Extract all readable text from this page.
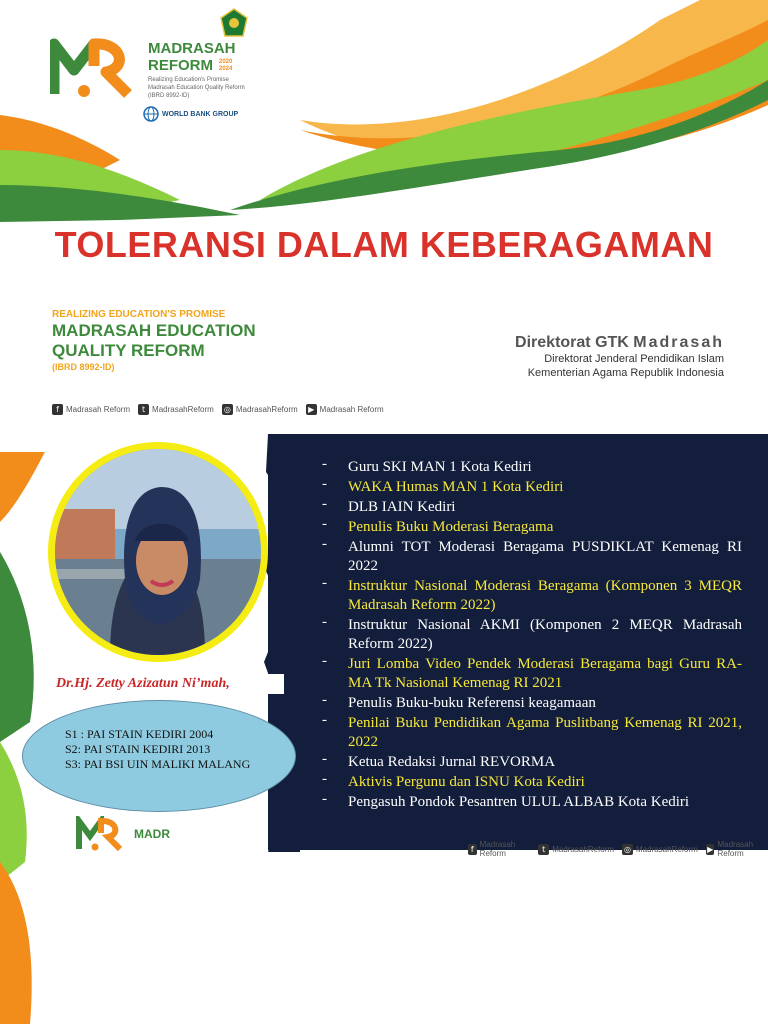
MADRASAH
REFORM 2020 2024
Realizing Education's Promise
Madrasah Education Quality Reform
(IBRD 8992-ID)
WORLD BANK GROUP
TOLERANSI DALAM KEBERAGAMAN
REALIZING EDUCATION'S PROMISE
MADRASAH EDUCATION
QUALITY REFORM
(IBRD 8992-ID)
Direktorat GTK Madrasah
Direktorat Jenderal Pendidikan Islam
Kementerian Agama Republik Indonesia
f Madrasah Reform	t MadrasahReform ◎ MadrasahReform	▶ Madrasah Reform
Dr.Hj. Zetty Azizatun Ni’mah,
S1 : PAI STAIN KEDIRI 2004
S2: PAI STAIN KEDIRI 2013
S3: PAI BSI UIN MALIKI MALANG
MADR
- Guru SKI MAN 1 Kota Kediri
- WAKA Humas MAN 1 Kota Kediri
- DLB IAIN Kediri
- Penulis Buku Moderasi Beragama
- Alumni TOT Moderasi Beragama PUSDIKLAT Kemenag RI 2022
- Instruktur Nasional Moderasi Beragama (Komponen 3 MEQR Madrasah Reform 2022)
- Instruktur Nasional AKMI (Komponen 2 MEQR Madrasah Reform 2022)
- Juri Lomba Video Pendek Moderasi Beragama bagi Guru RA-MA Tk Nasional Kemenag RI 2021
- Penulis Buku-buku Referensi keagamaan
- Penilai Buku Pendidikan Agama Puslitbang Kemenag RI 2021, 2022
- Ketua Redaksi Jurnal REVORMA
- Aktivis Pergunu dan ISNU Kota Kediri
- Pengasuh Pondok Pesantren ULUL ALBAB Kota Kediri
f Madrasah Reform	t MadrasahReform ◎ MadrasahReform ▶ Madrasah Reform
